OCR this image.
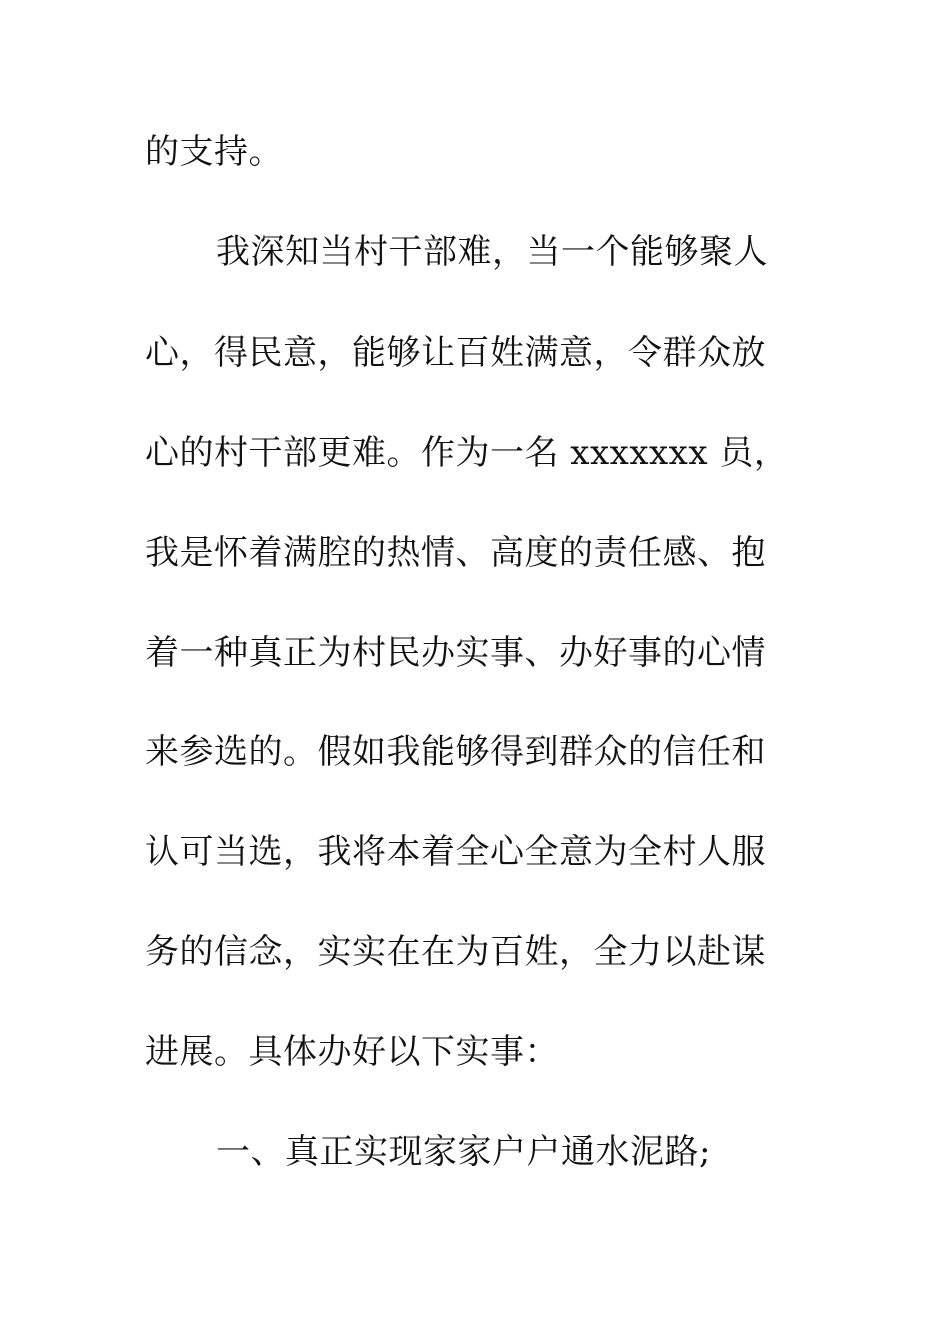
的支持。
我深知当村干部难，当一个能够聚人
心，得民意，能够让百姓满意，令群众放
心的村干部更难。作为一名 xxxxxxx 员，
我是怀着满腔的热情、高度的责任感、抱
着一种真正为村民办实事、办好事的心情
来参选的。假如我能够得到群众的信任和
认可当选，我将本着全心全意为全村人服
务的信念，实实在在为百姓，全力以赴谋
进展。具体办好以下实事：
一、真正实现家家户户通水泥路;
